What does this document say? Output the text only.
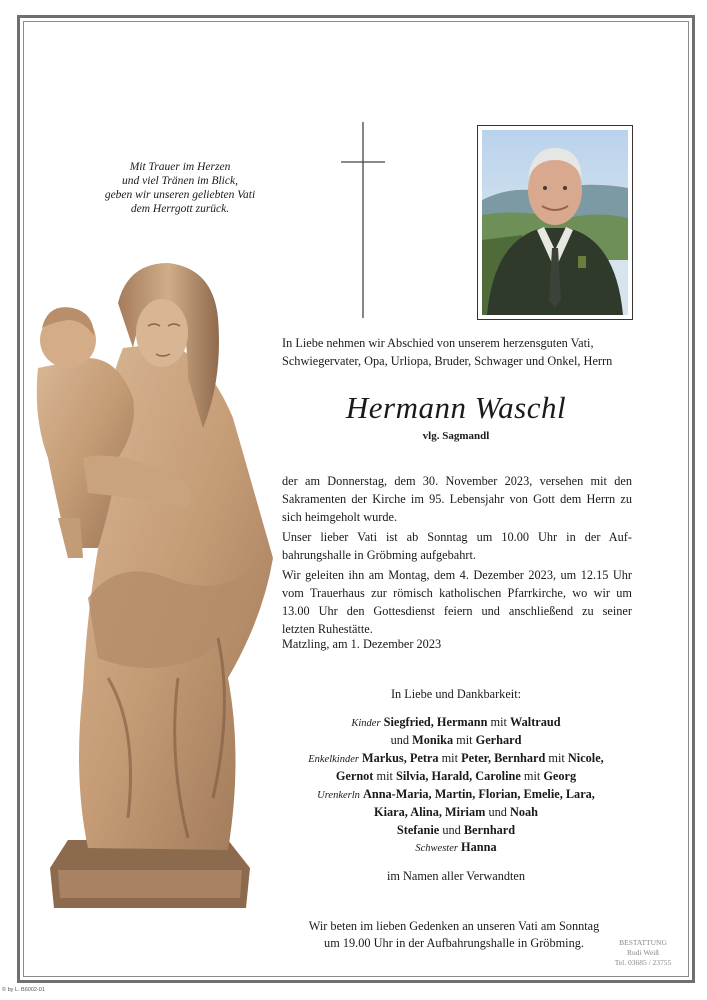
Mit Trauer im Herzen
und viel Tränen im Blick,
geben wir unseren geliebten Vati
dem Herrgott zurück.
In Liebe nehmen wir Abschied von unserem herzensguten Vati,
Schwiegervater, Opa, Urliopa, Bruder, Schwager und Onkel, Herrn
Hermann Waschl
vlg. Sagmandl
der am Donnerstag, dem 30. November 2023, versehen mit den
Sakramenten der Kirche im 95. Lebensjahr von Gott dem Herrn zu
sich heimgeholt wurde.
Unser lieber Vati ist ab Sonntag um 10.00 Uhr in der Auf-
bahrungshalle in Gröbming aufgebahrt.
Wir geleiten ihn am Montag, dem 4. Dezember 2023, um 12.15 Uhr
vom Trauerhaus zur römisch katholischen Pfarrkirche, wo wir um
13.00 Uhr den Gottesdienst feiern und anschließend zu seiner
letzten Ruhestätte.
Matzling, am 1. Dezember 2023
In Liebe und Dankbarkeit:
Kinder Siegfried, Hermann mit Waltraud
und Monika mit Gerhard
Enkelkinder Markus, Petra mit Peter, Bernhard mit Nicole,
Gernot mit Silvia, Harald, Caroline mit Georg
Urenkerln Anna-Maria, Martin, Florian, Emelie, Lara,
Kiara, Alina, Miriam und Noah
Stefanie und Bernhard
Schwester Hanna
im Namen aller Verwandten
Wir beten im lieben Gedenken an unseren Vati am Sonntag
um 19.00 Uhr in der Aufbahrungshalle in Gröbming.	BESTATTUNG
Rudi Weiß
Tel. 03685 / 23755
© by L. B6002-01
